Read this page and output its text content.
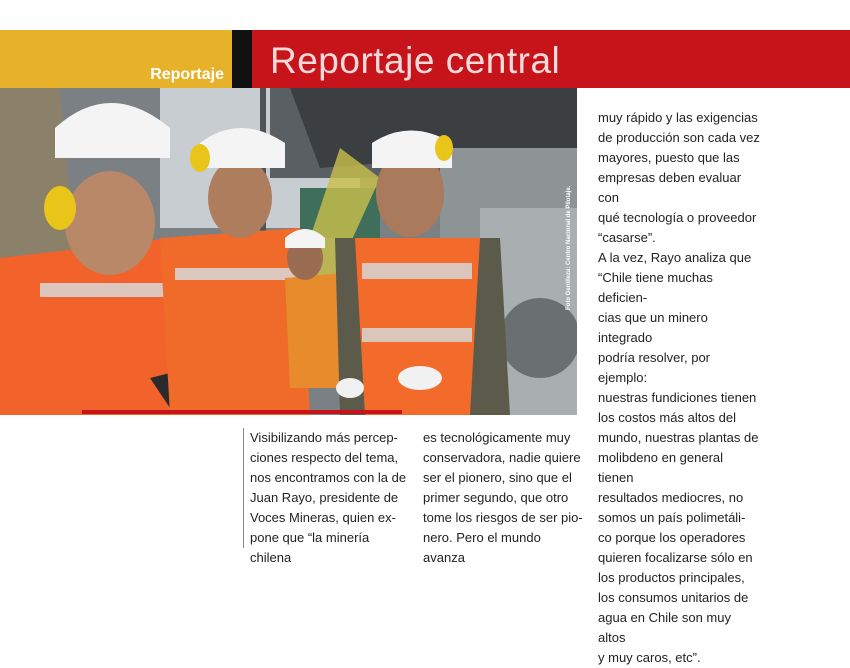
Reportaje Reportaje central
Foto Gentileza: Centro Nacional de Pilotaje.

Visibilizando más percep-

ciones respecto del tema,

nos encontramos con la de

Juan Rayo, presidente de

Voces Mineras, quien ex-

pone que “la minería chilena

es tecnológicamente muy

conservadora, nadie quiere

ser el pionero, sino que el

primer segundo, que otro

tome los riesgos de ser pio-

nero. Pero el mundo avanza

muy rápido y las exigencias

de producción son cada vez

mayores, puesto que las

empresas deben evaluar con

qué tecnología o proveedor

“casarse”.

A la vez, Rayo analiza que

“Chile tiene muchas deficien-

cias que un minero integrado

podría resolver, por ejemplo:

nuestras fundiciones tienen

los costos más altos del

mundo, nuestras plantas de

molibdeno en general tienen

resultados mediocres, no

somos un país polimetáli-

co porque los operadores

quieren focalizarse sólo en

los productos principales,

los consumos unitarios de

agua en Chile son muy altos

y muy caros, etc”.
